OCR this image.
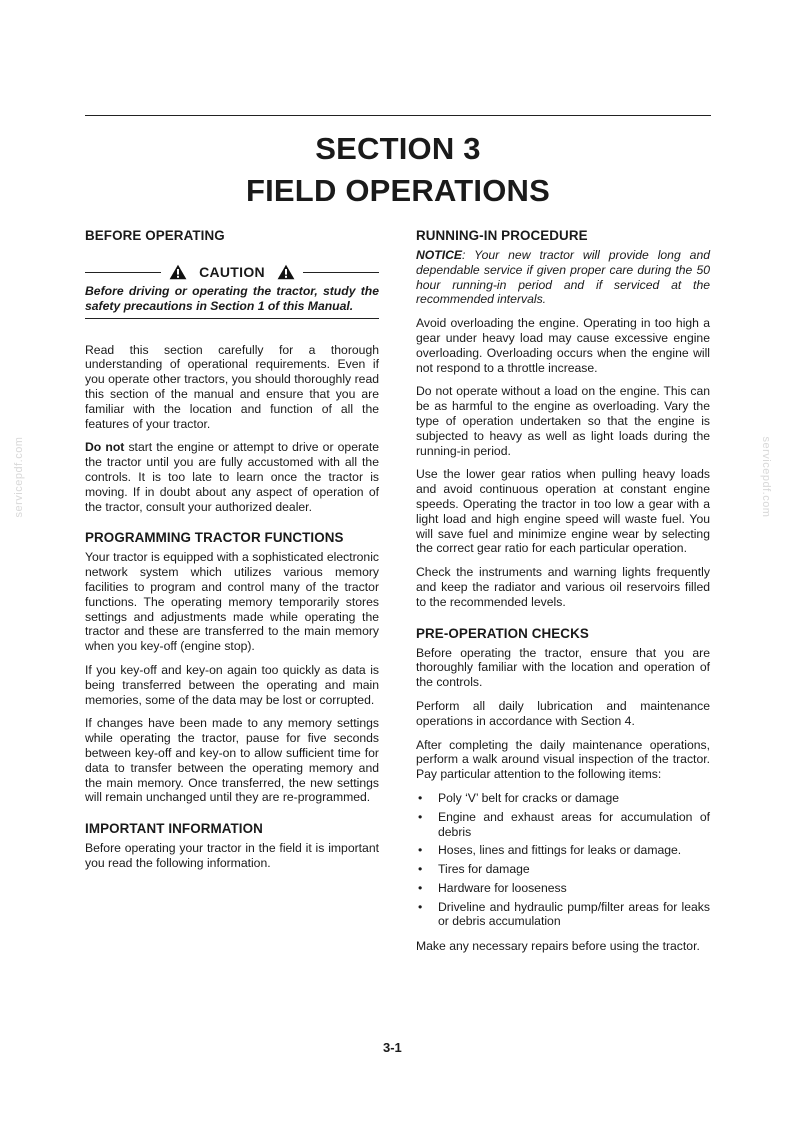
SECTION 3
FIELD OPERATIONS
servicepdf.com	servicepdf.com
BEFORE OPERATING
CAUTION

Before driving or operating the tractor, study the safety precautions in Section 1 of this Manual.

Read this section carefully for a thorough understanding of operational requirements. Even if you operate other tractors, you should thoroughly read this section of the manual and ensure that you are familiar with the location and function of all the features of your tractor.

Do not start the engine or attempt to drive or operate the tractor until you are fully accustomed with all the controls. It is too late to learn once the tractor is moving. If in doubt about any aspect of operation of the tractor, consult your authorized dealer.

PROGRAMMING TRACTOR FUNCTIONS

Your tractor is equipped with a sophisticated electronic network system which utilizes various memory facilities to program and control many of the tractor functions. The operating memory temporarily stores settings and adjustments made while operating the tractor and these are transferred to the main memory when you key-off (engine stop).

If you key-off and key-on again too quickly as data is being transferred between the operating and main memories, some of the data may be lost or corrupted.

If changes have been made to any memory settings while operating the tractor, pause for five seconds between key-off and key-on to allow sufficient time for data to transfer between the operating memory and the main memory. Once transferred, the new settings will remain unchanged until they are re-programmed.

IMPORTANT INFORMATION

Before operating your tractor in the field it is important you read the following information.

RUNNING-IN PROCEDURE

NOTICE: Your new tractor will provide long and dependable service if given proper care during the 50 hour running-in period and if serviced at the recommended intervals.

Avoid overloading the engine. Operating in too high a gear under heavy load may cause excessive engine overloading. Overloading occurs when the engine will not respond to a throttle increase.

Do not operate without a load on the engine. This can be as harmful to the engine as overloading. Vary the type of operation undertaken so that the engine is subjected to heavy as well as light loads during the running-in period.

Use the lower gear ratios when pulling heavy loads and avoid continuous operation at constant engine speeds. Operating the tractor in too low a gear with a light load and high engine speed will waste fuel. You will save fuel and minimize engine wear by selecting the correct gear ratio for each particular operation.

Check the instruments and warning lights frequently and keep the radiator and various oil reservoirs filled to the recommended levels.

PRE-OPERATION CHECKS

Before operating the tractor, ensure that you are thoroughly familiar with the location and operation of the controls.

Perform all daily lubrication and maintenance operations in accordance with Section 4.

After completing the daily maintenance operations, perform a walk around visual inspection of the tractor. Pay particular attention to the following items:

• Poly ‘V’ belt for cracks or damage
• Engine and exhaust areas for accumulation of debris
• Hoses, lines and fittings for leaks or damage.
• Tires for damage
• Hardware for looseness
• Driveline and hydraulic pump/filter areas for leaks or debris accumulation

Make any necessary repairs before using the tractor.

3-1
